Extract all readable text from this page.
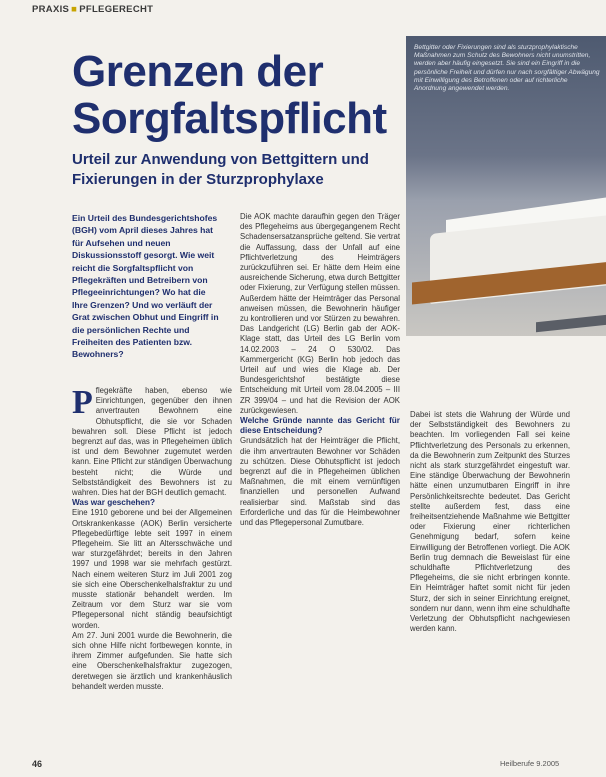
PRAXIS ■ PFLEGERECHT
Grenzen der Sorgfaltspflicht
Urteil zur Anwendung von Bettgittern und Fixierungen in der Sturzprophylaxe
Bettgitter oder Fixierungen sind als sturzprophylaktische Maßnahmen zum Schutz des Bewohners nicht unumstritten, werden aber häufig eingesetzt. Sie sind ein Eingriff in die persönliche Freiheit und dürfen nur nach sorgfältiger Abwägung mit Einwilligung des Betroffenen oder auf richterliche Anordnung angewendet werden.
Ein Urteil des Bundesgerichtshofes (BGH) vom April dieses Jahres hat für Aufsehen und neuen Diskussionsstoff gesorgt. Wie weit reicht die Sorgfaltspflicht von Pflegekräften und Betreibern von Pflegeeinrichtungen? Wo hat die Ihre Grenzen? Und wo verläuft der Grat zwischen Obhut und Eingriff in die persönlichen Rechte und Freiheiten des Patienten bzw. Bewohners?

Pflegekräfte haben, ebenso wie Einrichtungen, gegenüber den ihnen anvertrauten Bewohnern eine Obhutspflicht, die sie vor Schaden bewahren soll. Diese Pflicht ist jedoch begrenzt auf das, was in Pflegeheimen üblich ist und dem Bewohner zugemutet werden kann. Eine Pflicht zur ständigen Überwachung besteht nicht; die Würde und Selbstständigkeit des Bewohners ist zu wahren. Dies hat der BGH deutlich gemacht.

Was war geschehen?

Eine 1910 geborene und bei der Allgemeinen Ortskrankenkasse (AOK) Berlin versicherte Pflegebedürftige lebte seit 1997 in einem Pflegeheim. Sie litt an Altersschwäche und war sturzgefährdet; bereits in den Jahren 1997 und 1998 war sie mehrfach gestürzt. Nach einem weiteren Sturz im Juli 2001 zog sie sich eine Oberschenkelhalsfraktur zu und musste stationär behandelt werden. Im Zeitraum vor dem Sturz war sie vom Pflegepersonal nicht ständig beaufsichtigt worden.

Am 27. Juni 2001 wurde die Bewohnerin, die sich ohne Hilfe nicht fortbewegen konnte, in ihrem Zimmer aufgefunden. Sie hatte sich eine Oberschenkelhalsfraktur zugezogen, deretwegen sie ärztlich und krankenhäuslich behandelt werden musste.

Die AOK machte daraufhin gegen den Träger des Pflegeheims aus übergegangenem Recht Schadensersatzansprüche geltend. Sie vertrat die Auffassung, dass der Unfall auf eine Pflichtverletzung des Heimträgers zurückzuführen sei. Er hätte dem Heim eine ausreichende Sicherung, etwa durch Bettgitter oder Fixierung, zur Verfügung stellen müssen. Außerdem hätte der Heimträger das Personal anweisen müssen, die Bewohnerin häufiger zu kontrollieren und vor Stürzen zu bewahren. Das Landgericht (LG) Berlin gab der AOK-Klage statt, das Urteil des LG Berlin vom 14.02.2003 – 24 O 530/02. Das Kammergericht (KG) Berlin hob jedoch das Urteil auf und wies die Klage ab. Der Bundesgerichtshof bestätigte diese Entscheidung mit Urteil vom 28.04.2005 – III ZR 399/04 – und hat die Revision der AOK zurückgewiesen.

Welche Gründe nannte das Gericht für diese Entscheidung?

Grundsätzlich hat der Heimträger die Pflicht, die ihm anvertrauten Bewohner vor Schäden zu schützen. Diese Obhutspflicht ist jedoch begrenzt auf die in Pflegeheimen üblichen Maßnahmen, die mit einem vernünftigen finanziellen und personellen Aufwand realisierbar sind. Maßstab sind das Erforderliche und das für die Heimbewohner und das Pflegepersonal Zumutbare.

Dabei ist stets die Wahrung der Würde und der Selbstständigkeit des Bewohners zu beachten. Im vorliegenden Fall sei keine Pflichtverletzung des Personals zu erkennen, da die Bewohnerin zum Zeitpunkt des Sturzes nicht als stark sturzgefährdet eingestuft war. Eine ständige Überwachung der Bewohnerin hätte einen unzumutbaren Eingriff in ihre Persönlichkeitsrechte bedeutet. Das Gericht stellte außerdem fest, dass eine freiheitsentziehende Maßnahme wie Bettgitter oder Fixierung einer richterlichen Genehmigung bedarf, sofern keine Einwilligung der Betroffenen vorliegt. Die AOK Berlin trug demnach die Beweislast für eine schuldhafte Pflichtverletzung des Pflegeheims, die sie nicht erbringen konnte. Ein Heimträger haftet somit nicht für jeden Sturz, der sich in seiner Einrichtung ereignet, sondern nur dann, wenn ihm eine schuldhafte Verletzung der Obhutspflicht nachgewiesen werden kann.

46	Heilberufe 9.2005
